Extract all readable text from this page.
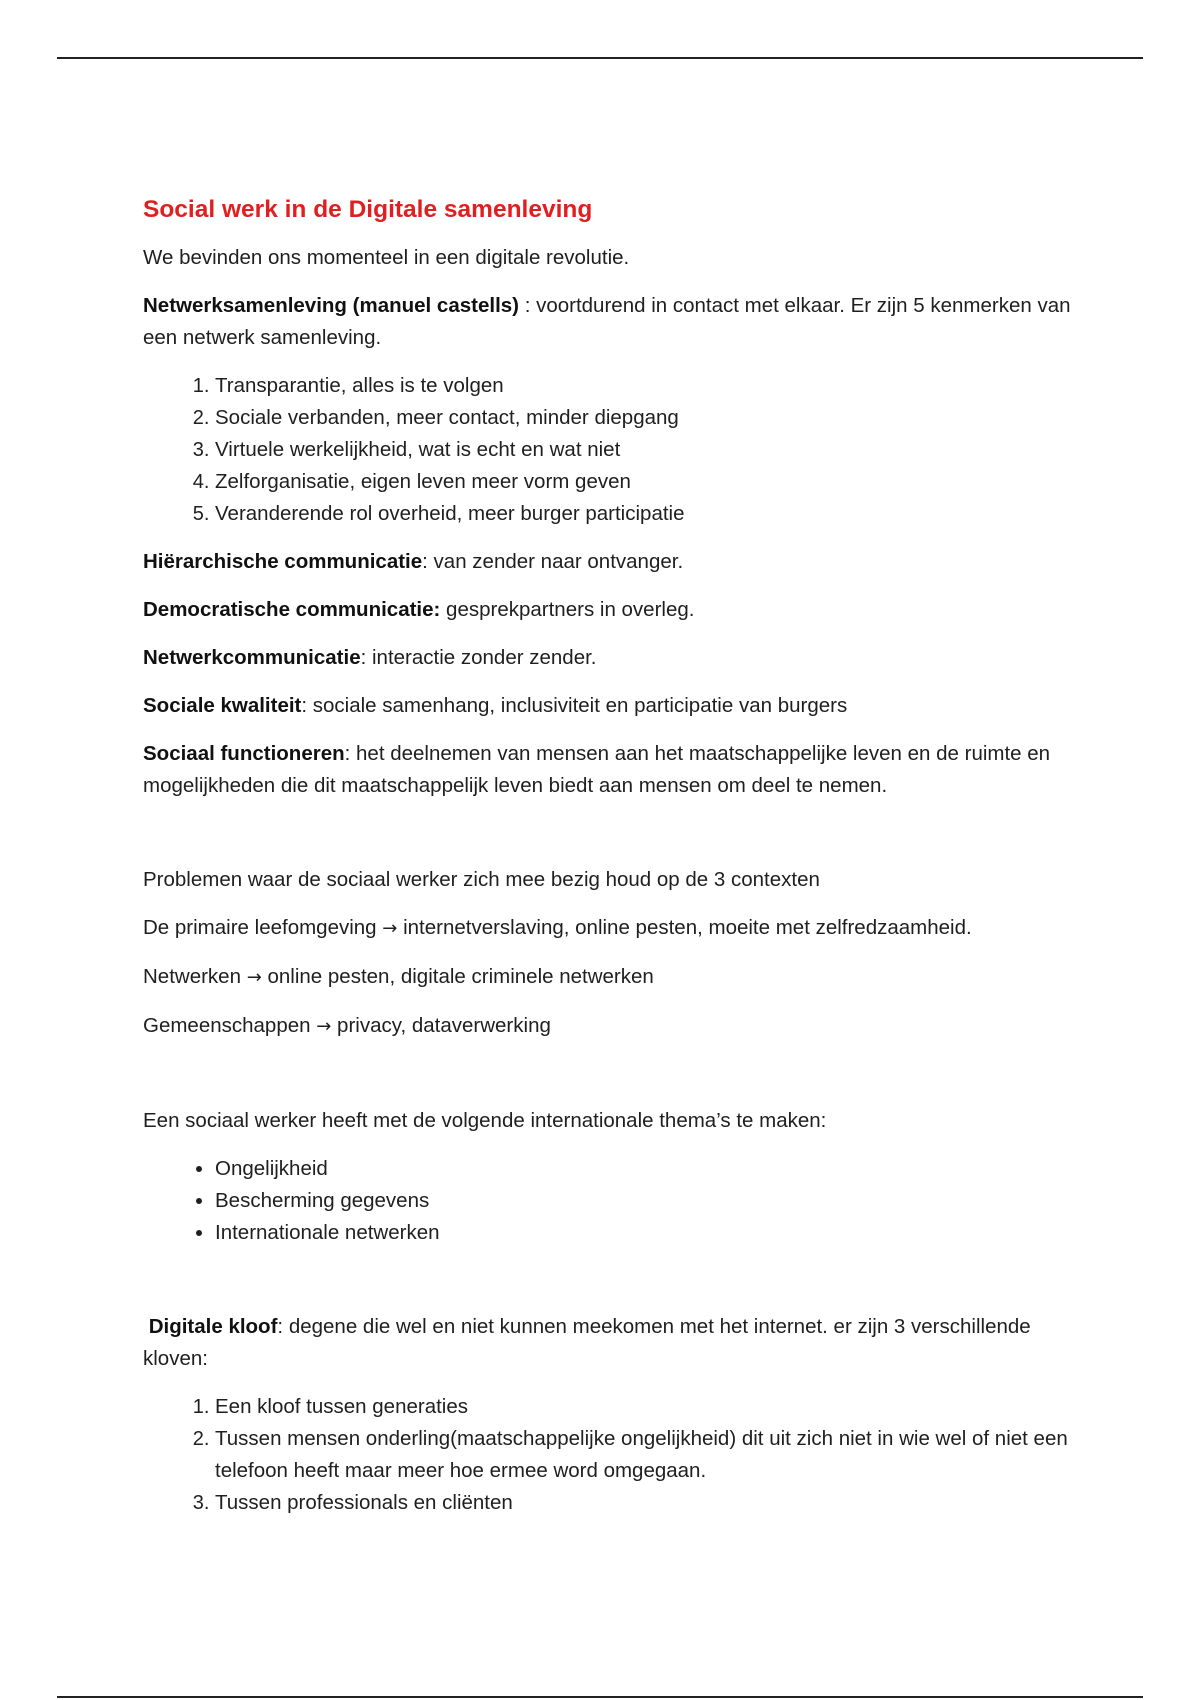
Social werk in de Digitale samenleving

We bevinden ons momenteel in een digitale revolutie.

Netwerksamenleving (manuel castells) : voortdurend in contact met elkaar. Er zijn 5 kenmerken van een netwerk samenleving.

1. Transparantie, alles is te volgen
2. Sociale verbanden, meer contact, minder diepgang
3. Virtuele werkelijkheid, wat is echt en wat niet
4. Zelforganisatie, eigen leven meer vorm geven
5. Veranderende rol overheid, meer burger participatie

Hiërarchische communicatie: van zender naar ontvanger.

Democratische communicatie: gesprekpartners in overleg.

Netwerkcommunicatie: interactie zonder zender.

Sociale kwaliteit: sociale samenhang, inclusiviteit en participatie van burgers

Sociaal functioneren: het deelnemen van mensen aan het maatschappelijke leven en de ruimte en mogelijkheden die dit maatschappelijk leven biedt aan mensen om deel te nemen.

Problemen waar de sociaal werker zich mee bezig houd op de 3 contexten

De primaire leefomgeving → internetverslaving, online pesten, moeite met zelfredzaamheid.

Netwerken → online pesten, digitale criminele netwerken

Gemeenschappen → privacy, dataverwerking

Een sociaal werker heeft met de volgende internationale thema’s te maken:

• Ongelijkheid
• Bescherming gegevens
• Internationale netwerken

Digitale kloof: degene die wel en niet kunnen meekomen met het internet. er zijn 3 verschillende kloven:

1. Een kloof tussen generaties
2. Tussen mensen onderling(maatschappelijke ongelijkheid) dit uit zich niet in wie wel of niet een telefoon heeft maar meer hoe ermee word omgegaan.
3. Tussen professionals en cliënten
